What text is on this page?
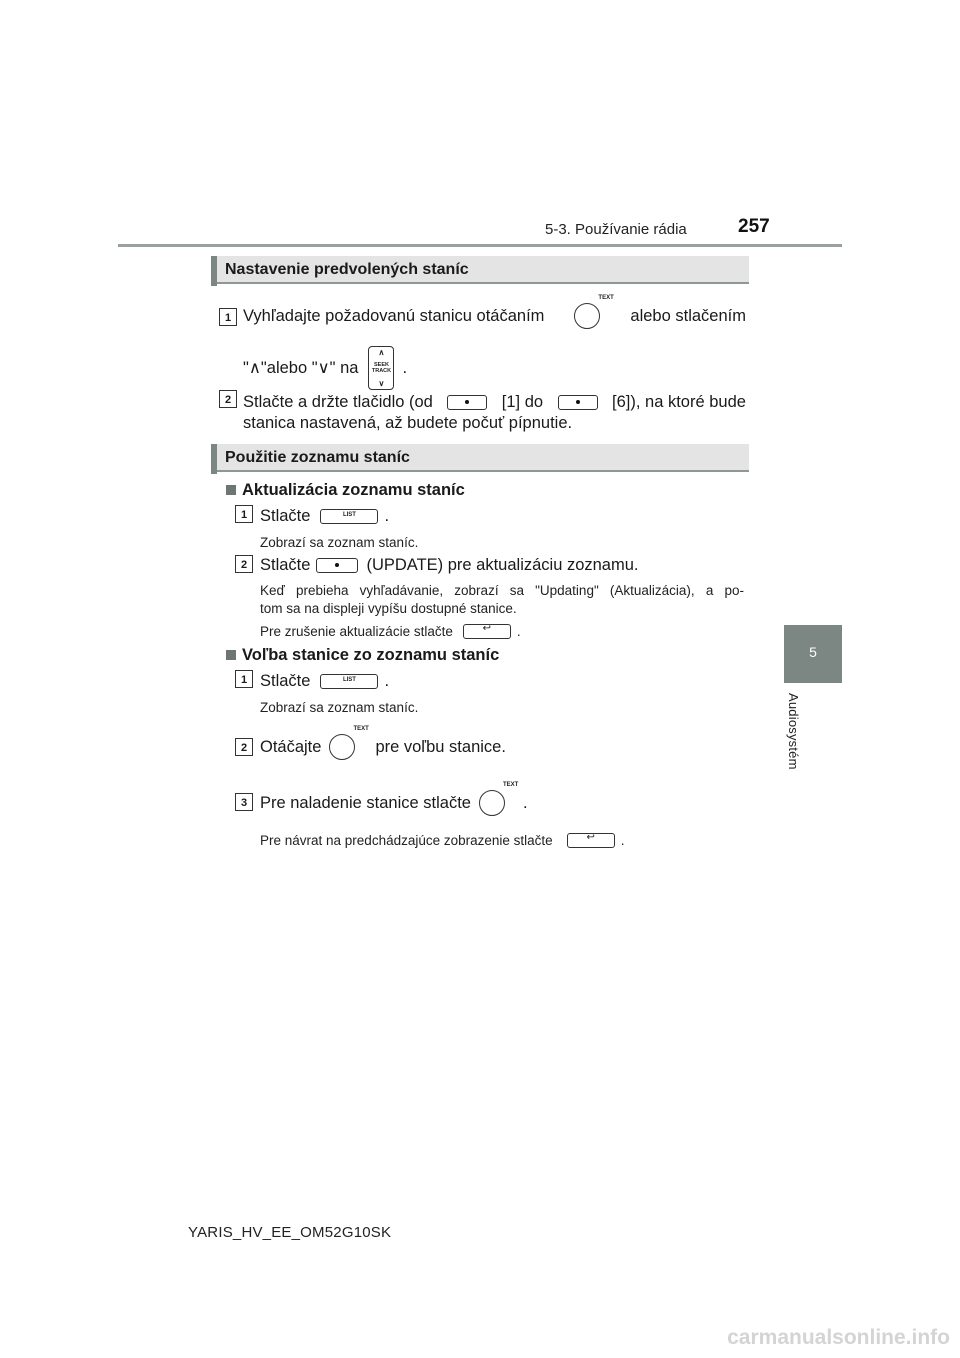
5-3. Používanie rádia	257
5
Audiosystém
Nastavenie predvolených staníc
1 Vyhľadajte požadovanú stanicu otáčaním
TEXT
alebo stlačením
"∧"alebo "∨" na
∧
SEEK
TRACK
∨
.
2 Stlačte a držte tlačidlo (od	[1] do	[6]), na ktoré bude
stanica nastavená, až budete počuť pípnutie.
Použitie zoznamu staníc
Aktualizácia zoznamu staníc
1 Stlačte	LIST	.
Zobrazí sa zoznam staníc.
2 Stlačte	(UPDATE) pre aktualizáciu zoznamu.
Keď prebieha vyhľadávanie, zobrazí sa "Updating" (Aktualizácia), a po-
tom sa na displeji vypíšu dostupné stanice.
Pre zrušenie aktualizácie stlačte	↩	.
Voľba stanice zo zoznamu staníc
1 Stlačte	LIST	.
Zobrazí sa zoznam staníc.
2 Otáčajte
TEXT
pre voľbu stanice.
3 Pre naladenie stanice stlačte
TEXT
.
Pre návrat na predchádzajúce zobrazenie stlačte	↩	.
YARIS_HV_EE_OM52G10SK
carmanualsonline.info
